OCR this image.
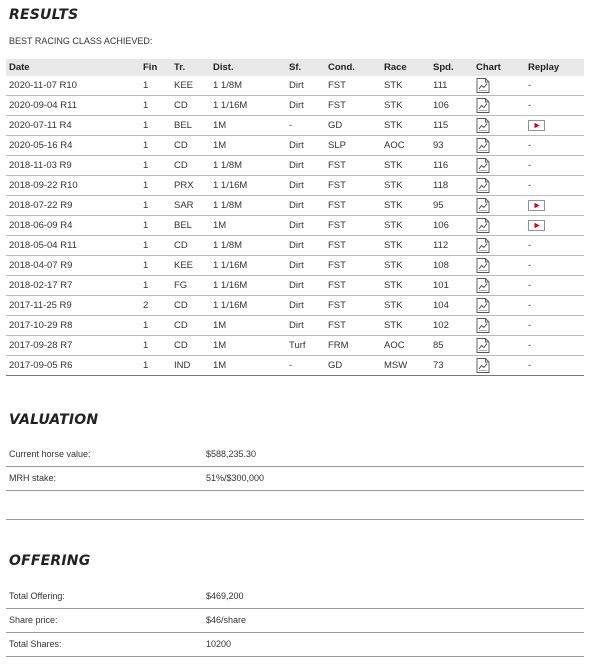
RESULTS
BEST RACING CLASS ACHIEVED:
Date	Fin	Tr.	Dist.	Sf.	Cond.	Race	Spd.	Chart	Replay
2020-11-07 R10	1	KEE	1 1/8M	Dirt	FST	STK	111		-
2020-09-04 R11	1	CD	1 1/16M	Dirt	FST	STK	106		-
2020-07-11 R4	1	BEL	1M	-	GD	STK	115		
2020-05-16 R4	1	CD	1M	Dirt	SLP	AOC	93		-
2018-11-03 R9	1	CD	1 1/8M	Dirt	FST	STK	116		-
2018-09-22 R10	1	PRX	1 1/16M	Dirt	FST	STK	118		-
2018-07-22 R9	1	SAR	1 1/8M	Dirt	FST	STK	95		
2018-06-09 R4	1	BEL	1M	Dirt	FST	STK	106		
2018-05-04 R11	1	CD	1 1/8M	Dirt	FST	STK	112		-
2018-04-07 R9	1	KEE	1 1/16M	Dirt	FST	STK	108		-
2018-02-17 R7	1	FG	1 1/16M	Dirt	FST	STK	101		-
2017-11-25 R9	2	CD	1 1/16M	Dirt	FST	STK	104		-
2017-10-29 R8	1	CD	1M	Dirt	FST	STK	102		-
2017-09-28 R7	1	CD	1M	Turf	FRM	AOC	85		-
2017-09-05 R6	1	IND	1M	-	GD	MSW	73		-
VALUATION
Current horse value:	$588,235.30
MRH stake:	51%/$300,000
OFFERING
Total Offering:	$469,200
Share price:	$46/share
Total Shares:	10200
